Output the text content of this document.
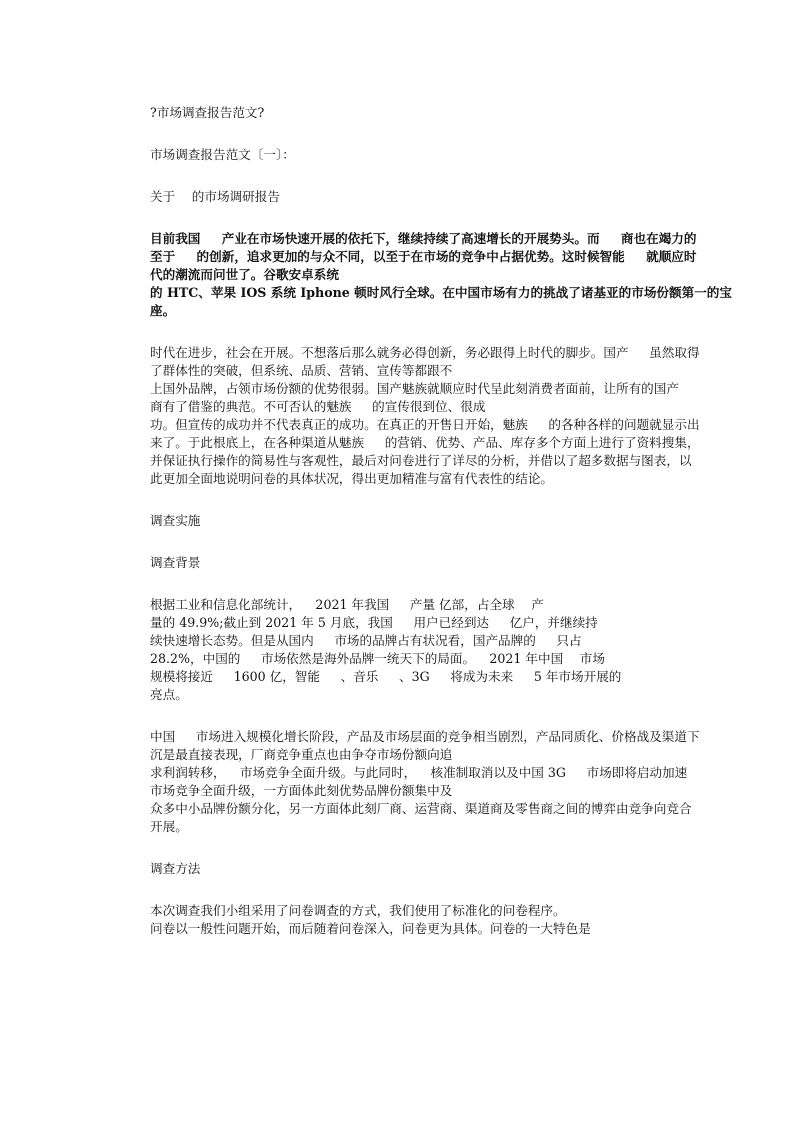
?市场调查报告范文?
市场调查报告范文〔一〕：
关于　 的市场调研报告
目前我国　  产业在市场快速开展的依托下，继续持续了高速增长的开展势头。而　  商也在竭力的
至于　  的创新，追求更加的与众不同，以至于在市场的竞争中占据优势。这时候智能　  就顺应时
代的潮流而问世了。谷歌安卓系统
的 HTC、苹果 IOS 系统 Iphone 顿时风行全球。在中国市场有力的挑战了诸基亚的市场份额第一的宝
座。
时代在进步，社会在开展。不想落后那么就务必得创新，务必跟得上时代的脚步。国产　  虽然取得
了群体性的突破，但系统、品质、营销、宣传等都跟不
上国外品牌，占领市场份额的优势很弱。国产魅族就顺应时代呈此刻消费者面前，让所有的国产
商有了借鉴的典范。不可否认的魅族　  的宣传很到位、很成
功。但宣传的成功并不代表真正的成功。在真正的开售日开始，魅族　  的各种各样的问题就显示出
来了。于此根底上，在各种渠道从魅族　  的营销、优势、产品、库存多个方面上进行了资料搜集，
并保证执行操作的简易性与客观性，最后对问卷进行了详尽的分析，并借以了超多数据与图表，以
此更加全面地说明问卷的具体状况，得出更加精准与富有代表性的结论。
调查实施
调查背景
根据工业和信息化部统计，　  2021 年我国　  产量 亿部，占全球　 产
量的 49.9%;截止到 2021 年 5 月底，我国　  用户已经到达　  亿户，并继续持
续快速增长态势。但是从国内　  市场的品牌占有状况看，国产品牌的　  只占
28.2%，中国的　  市场依然是海外品牌一统天下的局面。　  2021 年中国　 市场
规模将接近　  1600 亿，智能　  、音乐　  、3G　  将成为未来　  5 年市场开展的
亮点。
中国　  市场进入规模化增长阶段，产品及市场层面的竞争相当剧烈，产品同质化、价格战及渠道下
沉是最直接表现，厂商竞争重点也由争夺市场份额向追
求利润转移，　  市场竞争全面升级。与此同时，　  核准制取消以及中国 3G　  市场即将启动加速
市场竞争全面升级，一方面体此刻优势品牌份额集中及
众多中小品牌份额分化，另一方面体此刻厂商、运营商、渠道商及零售商之间的博弈由竞争向竞合
开展。
调查方法
本次调查我们小组采用了问卷调查的方式，我们使用了标准化的问卷程序。
问卷以一般性问题开始，而后随着问卷深入，问卷更为具体。问卷的一大特色是
